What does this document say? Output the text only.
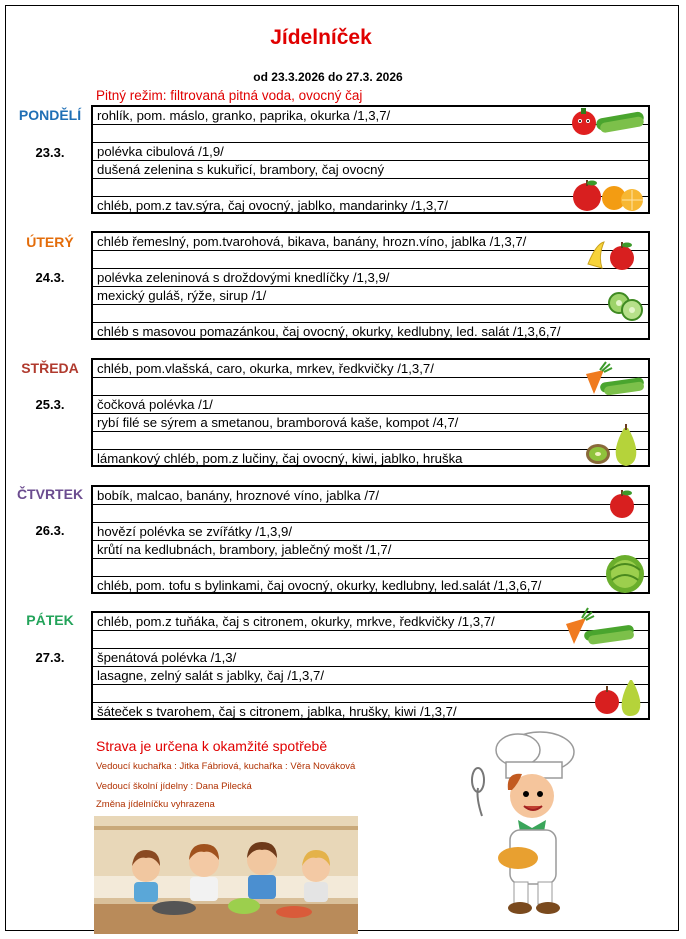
Jídelníček
od 23.3.2026 do 27.3. 2026
Pitný režim: filtrovaná pitná voda, ovocný čaj
PONDĚLÍ
23.3.
rohlík, pom. máslo, granko, paprika, okurka /1,3,7/
polévka cibulová /1,9/
dušená zelenina s kukuřicí, brambory, čaj ovocný
chléb, pom.z tav.sýra, čaj ovocný, jablko, mandarinky /1,3,7/
ÚTERÝ
24.3.
chléb řemeslný, pom.tvarohová, bikava, banány, hrozn.víno, jablka /1,3,7/
polévka zeleninová s droždovými knedlíčky /1,3,9/
mexický guláš, rýže, sirup /1/
chléb s masovou pomazánkou, čaj ovocný, okurky, kedlubny, led. salát /1,3,6,7/
STŘEDA
25.3.
chléb, pom.vlašská, caro, okurka, mrkev, ředkvičky /1,3,7/
čočková polévka /1/
rybí filé se sýrem a smetanou, bramborová kaše, kompot /4,7/
lámankový chléb, pom.z lučiny, čaj ovocný, kiwi, jablko, hruška
ČTVRTEK
26.3.
bobík, malcao, banány, hroznové víno, jablka /7/
hovězí polévka se zvířátky /1,3,9/
krůtí na kedlubnách, brambory, jablečný mošt /1,7/
chléb, pom. tofu s bylinkami, čaj ovocný, okurky, kedlubny, led.salát /1,3,6,7/
PÁTEK
27.3.
chléb, pom.z tuňáka, čaj s citronem, okurky, mrkve, ředkvičky /1,3,7/
špenátová polévka /1,3/
lasagne, zelný salát s jablky, čaj /1,3,7/
šáteček s tvarohem, čaj s citronem, jablka, hrušky, kiwi /1,3,7/
Strava je určena k okamžité spotřebě
Vedoucí kuchařka : Jitka Fábriová, kuchařka : Věra Nováková
Vedoucí školní jídelny : Dana Pilecká
Změna jídelníčku vyhrazena
